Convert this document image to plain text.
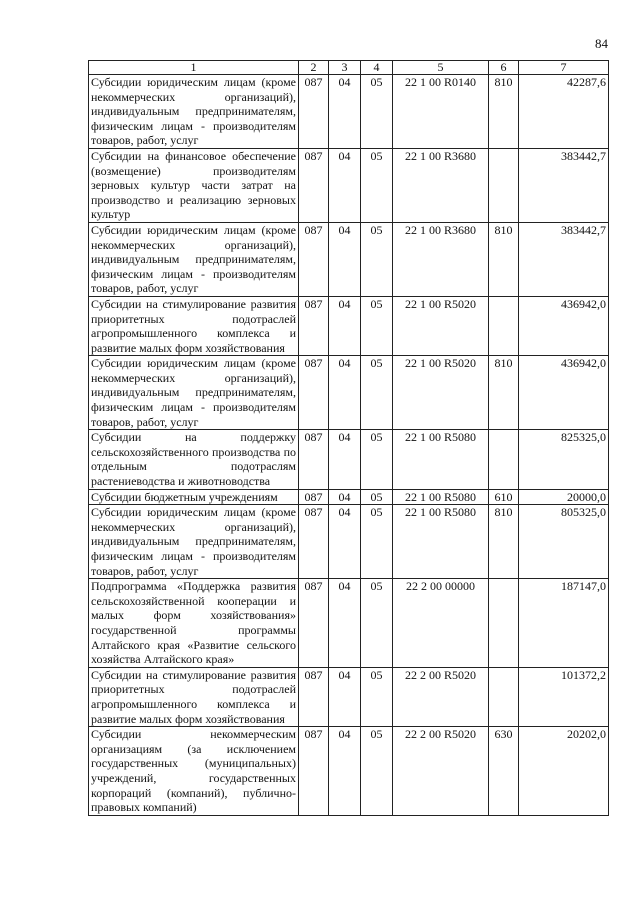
84
1	2	3	4	5	6	7
Субсидии юридическим лицам (кроме некоммерческих организаций), индивидуальным предпринимателям, физическим лицам - производителям товаров, работ, услуг	087	04	05	22 1 00 R0140	810	42287,6
Субсидии на финансовое обеспечение (возмещение) производителям зерновых культур части затрат на производство и реализацию зерновых культур	087	04	05	22 1 00 R3680		383442,7
Субсидии юридическим лицам (кроме некоммерческих организаций), индивидуальным предпринимателям, физическим лицам - производителям товаров, работ, услуг	087	04	05	22 1 00 R3680	810	383442,7
Субсидии на стимулирование развития приоритетных подотраслей агропромышленного комплекса и развитие малых форм хозяйствования	087	04	05	22 1 00 R5020		436942,0
Субсидии юридическим лицам (кроме некоммерческих организаций), индивидуальным предпринимателям, физическим лицам - производителям товаров, работ, услуг	087	04	05	22 1 00 R5020	810	436942,0
Субсидии на поддержку сельскохозяйственного производства по отдельным подотраслям растениеводства и животноводства	087	04	05	22 1 00 R5080		825325,0
Субсидии бюджетным учреждениям	087	04	05	22 1 00 R5080	610	20000,0
Субсидии юридическим лицам (кроме некоммерческих организаций), индивидуальным предпринимателям, физическим лицам - производителям товаров, работ, услуг	087	04	05	22 1 00 R5080	810	805325,0
Подпрограмма «Поддержка развития сельскохозяйственной кооперации и малых форм хозяйствования» государственной программы Алтайского края «Развитие сельского хозяйства Алтайского края»	087	04	05	22 2 00 00000		187147,0
Субсидии на стимулирование развития приоритетных подотраслей агропромышленного комплекса и развитие малых форм хозяйствования	087	04	05	22 2 00 R5020		101372,2
Субсидии некоммерческим организациям (за исключением государственных (муниципальных) учреждений, государственных корпораций (компаний), публично-правовых компаний)	087	04	05	22 2 00 R5020	630	20202,0
